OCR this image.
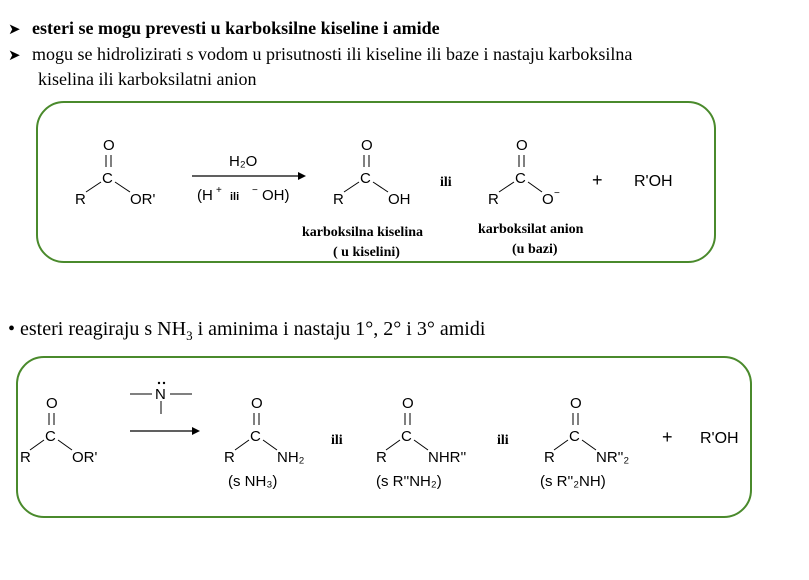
➤ esteri se mogu prevesti u karboksilne kiseline i amide
➤ mogu se hidrolizirati s vodom u prisutnosti ili kiseline ili baze i nastaju karboksilna
kiselina ili karboksilatni anion
• esteri reagiraju s $NH_3$ i aminima i nastaju 1°, 2° i 3° amidi
O
C
R	OR'
H₂O
(H +
ili
− OH)
O
C
R	OH
ili
O
C
R	O −
+ R'OH
karboksilna kiselina
( u kiselini)
karboksilat anion
(u bazi)
O
C
R	OR'
N
O
C
R	NH₂
(s NH₃)
ili
O
C
R	NHR''
(s R''NH₂)
ili
O
C
R	NR''₂
(s R''₂NH)
+ R'OH
